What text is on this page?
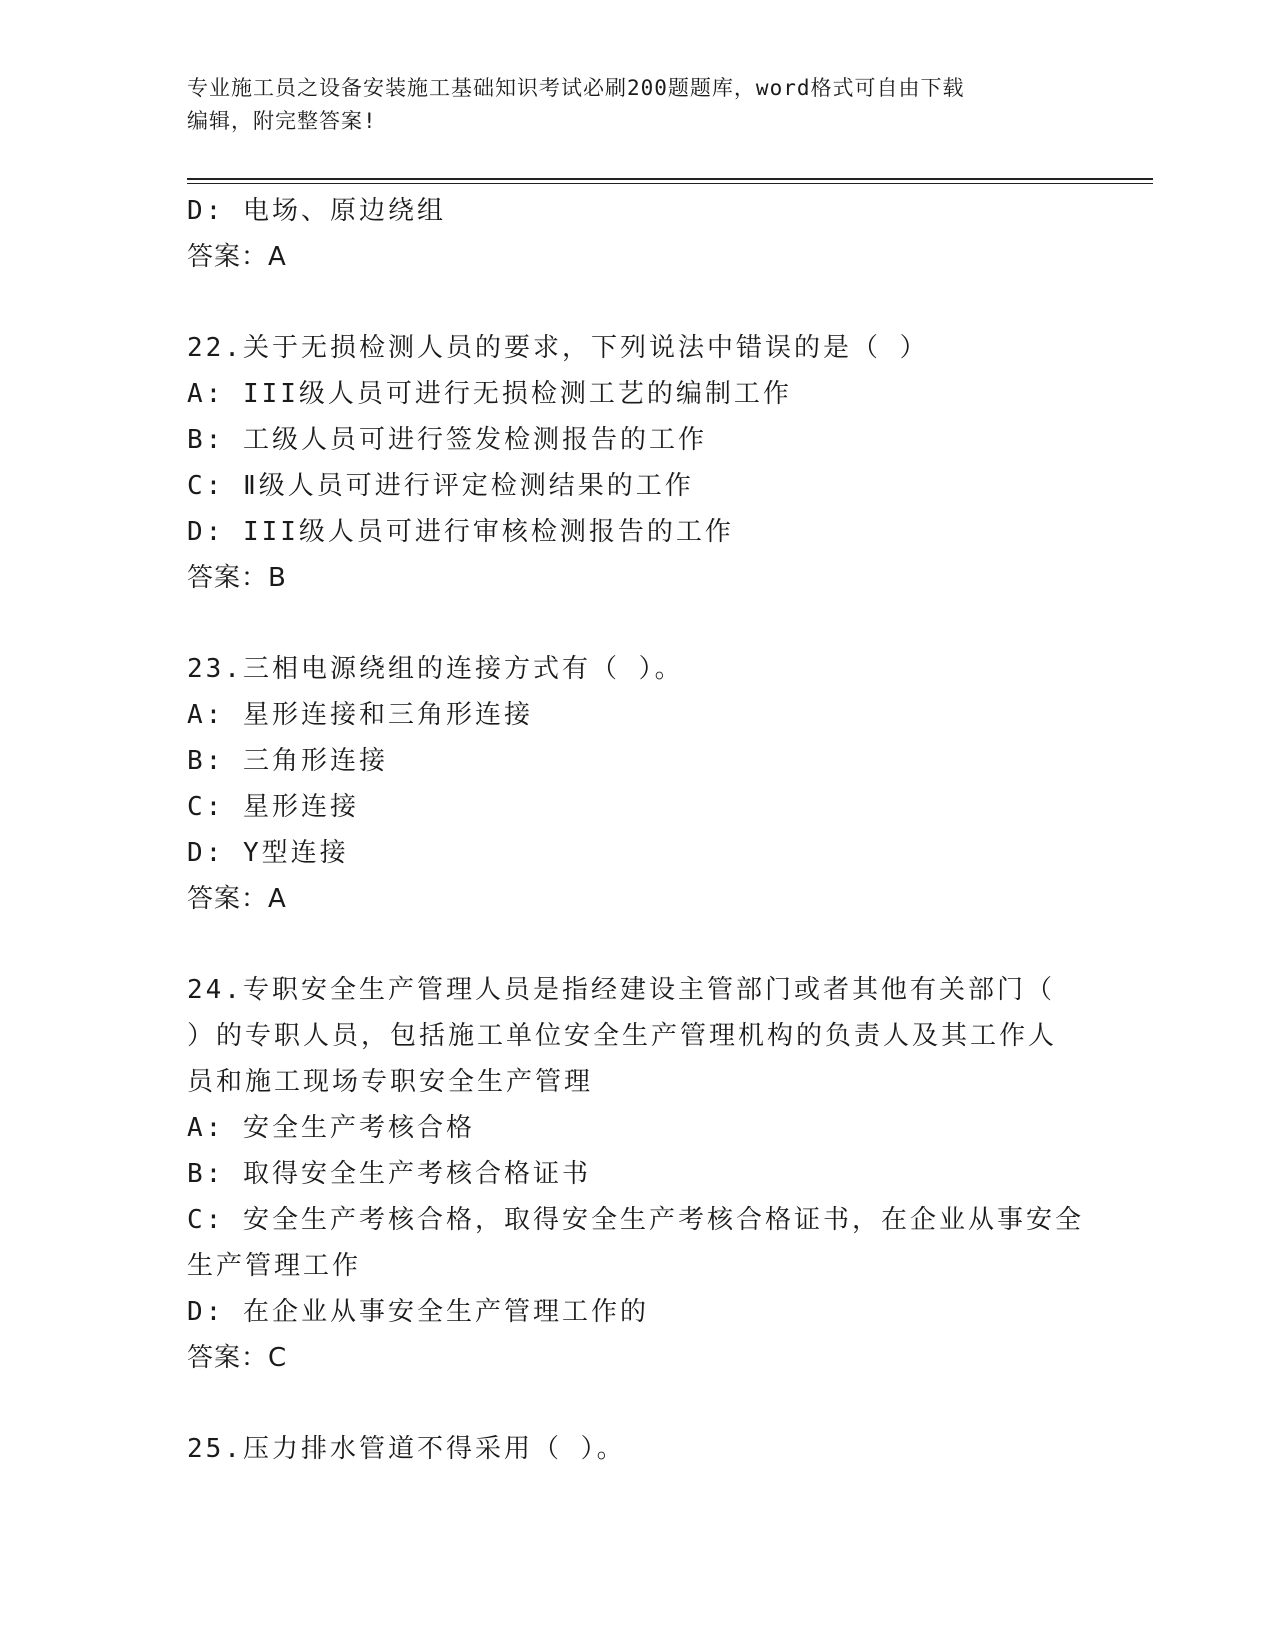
专业施工员之设备安装施工基础知识考试必刷200题题库，word格式可自由下载
编辑，附完整答案!
D: 电场、原边绕组
答案：A
22.关于无损检测人员的要求，下列说法中错误的是（ ）
A: III级人员可进行无损检测工艺的编制工作
B: 工级人员可进行签发检测报告的工作
C: Ⅱ级人员可进行评定检测结果的工作
D: III级人员可进行审核检测报告的工作
答案：B
23.三相电源绕组的连接方式有（ ）。
A: 星形连接和三角形连接
B: 三角形连接
C: 星形连接
D: Y型连接
答案：A
24.专职安全生产管理人员是指经建设主管部门或者其他有关部门（
）的专职人员，包括施工单位安全生产管理机构的负责人及其工作人
员和施工现场专职安全生产管理
A: 安全生产考核合格
B: 取得安全生产考核合格证书
C: 安全生产考核合格，取得安全生产考核合格证书，在企业从事安全
生产管理工作
D: 在企业从事安全生产管理工作的
答案：C
25.压力排水管道不得采用（ ）。
